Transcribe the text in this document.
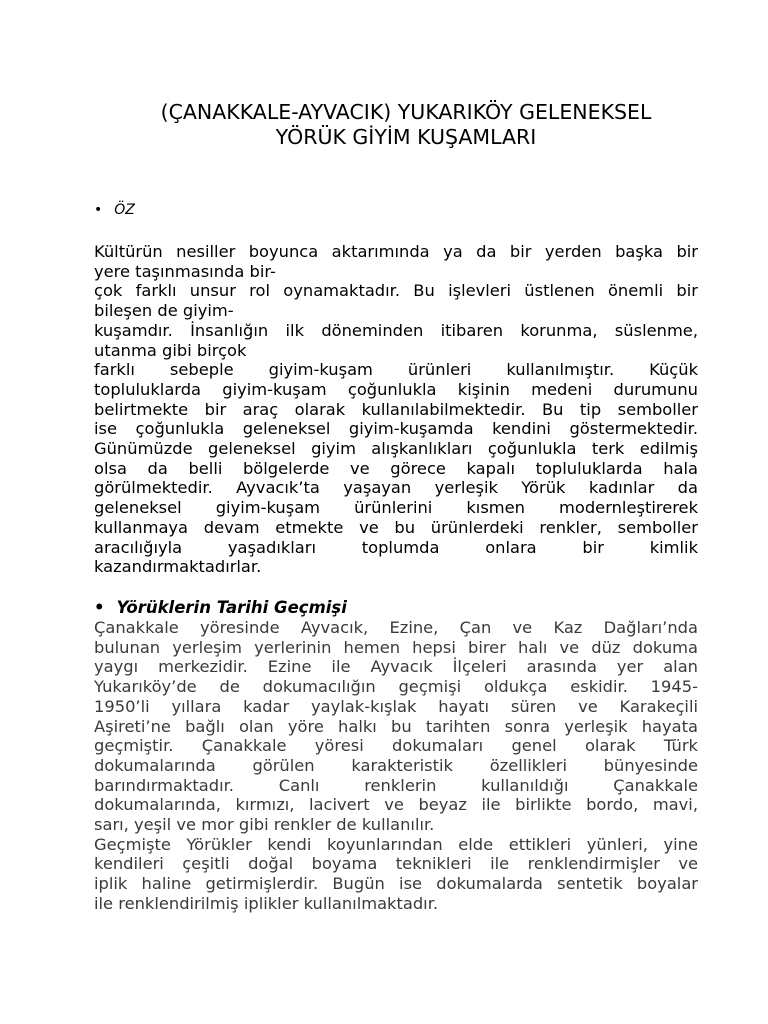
(ÇANAKKALE-AYVACIK) YUKARIKÖY GELENEKSEL
YÖRÜK GİYİM KUŞAMLARI
• ÖZ
Kültürün nesiller boyunca aktarımında ya da bir yerden başka bir
yere taşınmasında bir-
çok farklı unsur rol oynamaktadır. Bu işlevleri üstlenen önemli bir
bileşen de giyim-
kuşamdır. İnsanlığın ilk döneminden itibaren korunma, süslenme,
utanma gibi birçok
farklı sebeple giyim-kuşam ürünleri kullanılmıştır. Küçük
topluluklarda giyim-kuşam çoğunlukla kişinin medeni durumunu
belirtmekte bir araç olarak kullanılabilmektedir. Bu tip semboller
ise çoğunlukla geleneksel giyim-kuşamda kendini göstermektedir.
Günümüzde geleneksel giyim alışkanlıkları çoğunlukla terk edilmiş
olsa da belli bölgelerde ve görece kapalı topluluklarda hala
görülmektedir. Ayvacık’ta yaşayan yerleşik Yörük kadınlar da
geleneksel giyim-kuşam ürünlerini kısmen modernleştirerek
kullanmaya devam etmekte ve bu ürünlerdeki renkler, semboller
aracılığıyla yaşadıkları toplumda onlara bir kimlik
kazandırmaktadırlar.
• Yörüklerin Tarihi Geçmişi
Çanakkale yöresinde Ayvacık, Ezine, Çan ve Kaz Dağları’nda
bulunan yerleşim yerlerinin hemen hepsi birer halı ve düz dokuma
yaygı merkezidir. Ezine ile Ayvacık İlçeleri arasında yer alan
Yukarıköy’de de dokumacılığın geçmişi oldukça eskidir. 1945-
1950’li yıllara kadar yaylak-kışlak hayatı süren ve Karakeçili
Aşireti’ne bağlı olan yöre halkı bu tarihten sonra yerleşik hayata
geçmiştir. Çanakkale yöresi dokumaları genel olarak Türk
dokumalarında görülen karakteristik özellikleri bünyesinde
barındırmaktadır. Canlı renklerin kullanıldığı Çanakkale
dokumalarında, kırmızı, lacivert ve beyaz ile birlikte bordo, mavi,
sarı, yeşil ve mor gibi renkler de kullanılır.
Geçmişte Yörükler kendi koyunlarından elde ettikleri yünleri, yine
kendileri çeşitli doğal boyama teknikleri ile renklendirmişler ve
iplik haline getirmişlerdir. Bugün ise dokumalarda sentetik boyalar
ile renklendirilmiş iplikler kullanılmaktadır.
